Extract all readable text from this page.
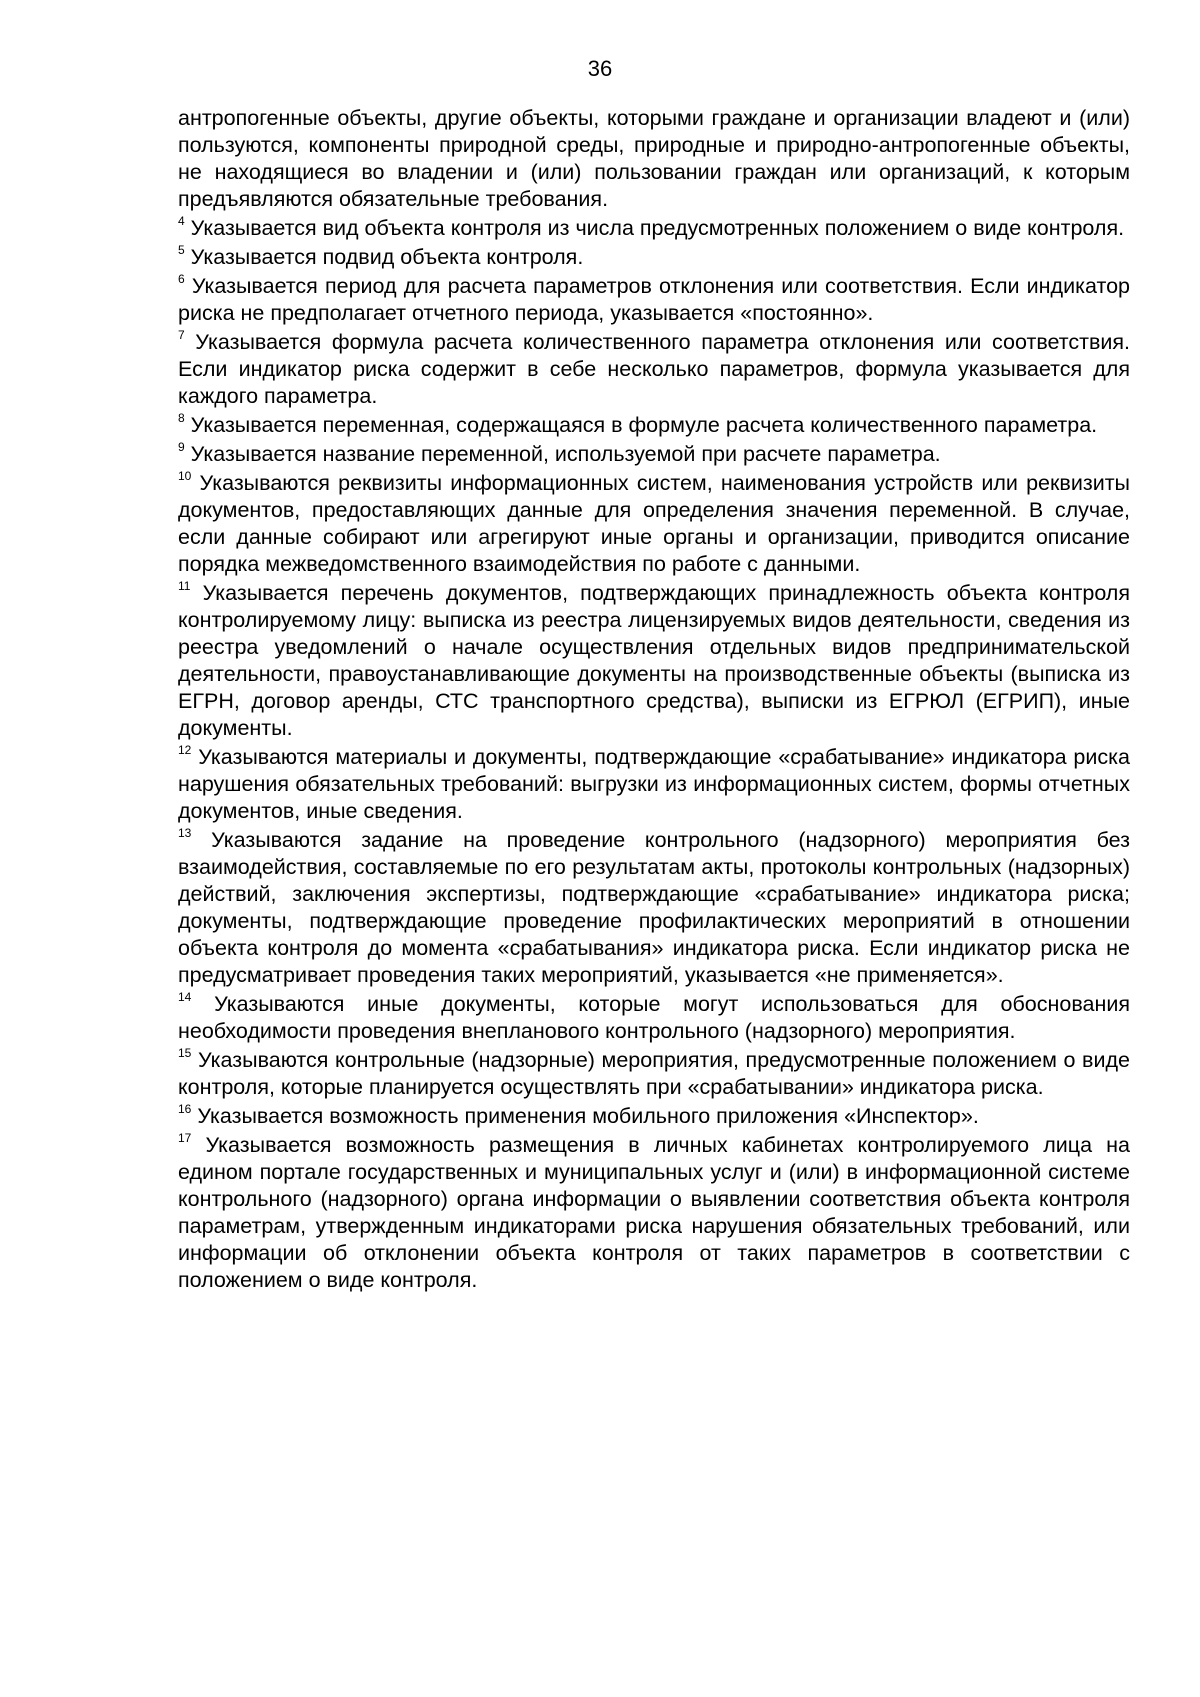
36

антропогенные объекты, другие объекты, которыми граждане и организации владеют и (или) пользуются, компоненты природной среды, природные и природно-антропогенные объекты, не находящиеся во владении и (или) пользовании граждан или организаций, к которым предъявляются обязательные требования.

$^4$ Указывается вид объекта контроля из числа предусмотренных положением о виде контроля.

$^5$ Указывается подвид объекта контроля.

$^6$ Указывается период для расчета параметров отклонения или соответствия. Если индикатор риска не предполагает отчетного периода, указывается «постоянно».

$^7$ Указывается формула расчета количественного параметра отклонения или соответствия. Если индикатор риска содержит в себе несколько параметров, формула указывается для каждого параметра.

$^8$ Указывается переменная, содержащаяся в формуле расчета количественного параметра.

$^9$ Указывается название переменной, используемой при расчете параметра.

$^{10}$ Указываются реквизиты информационных систем, наименования устройств или реквизиты документов, предоставляющих данные для определения значения переменной. В случае, если данные собирают или агрегируют иные органы и организации, приводится описание порядка межведомственного взаимодействия по работе с данными.

$^{11}$ Указывается перечень документов, подтверждающих принадлежность объекта контроля контролируемому лицу: выписка из реестра лицензируемых видов деятельности, сведения из реестра уведомлений о начале осуществления отдельных видов предпринимательской деятельности, правоустанавливающие документы на производственные объекты (выписка из ЕГРН, договор аренды, СТС транспортного средства), выписки из ЕГРЮЛ (ЕГРИП), иные документы.

$^{12}$ Указываются материалы и документы, подтверждающие «срабатывание» индикатора риска нарушения обязательных требований: выгрузки из информационных систем, формы отчетных документов, иные сведения.

$^{13}$ Указываются задание на проведение контрольного (надзорного) мероприятия без взаимодействия, составляемые по его результатам акты, протоколы контрольных (надзорных) действий, заключения экспертизы, подтверждающие «срабатывание» индикатора риска; документы, подтверждающие проведение профилактических мероприятий в отношении объекта контроля до момента «срабатывания» индикатора риска. Если индикатор риска не предусматривает проведения таких мероприятий, указывается «не применяется».

$^{14}$ Указываются иные документы, которые могут использоваться для обоснования необходимости проведения внепланового контрольного (надзорного) мероприятия.

$^{15}$ Указываются контрольные (надзорные) мероприятия, предусмотренные положением о виде контроля, которые планируется осуществлять при «срабатывании» индикатора риска.

$^{16}$ Указывается возможность применения мобильного приложения «Инспектор».

$^{17}$ Указывается возможность размещения в личных кабинетах контролируемого лица на едином портале государственных и муниципальных услуг и (или) в информационной системе контрольного (надзорного) органа информации о выявлении соответствия объекта контроля параметрам, утвержденным индикаторами риска нарушения обязательных требований, или информации об отклонении объекта контроля от таких параметров в соответствии с положением о виде контроля.
